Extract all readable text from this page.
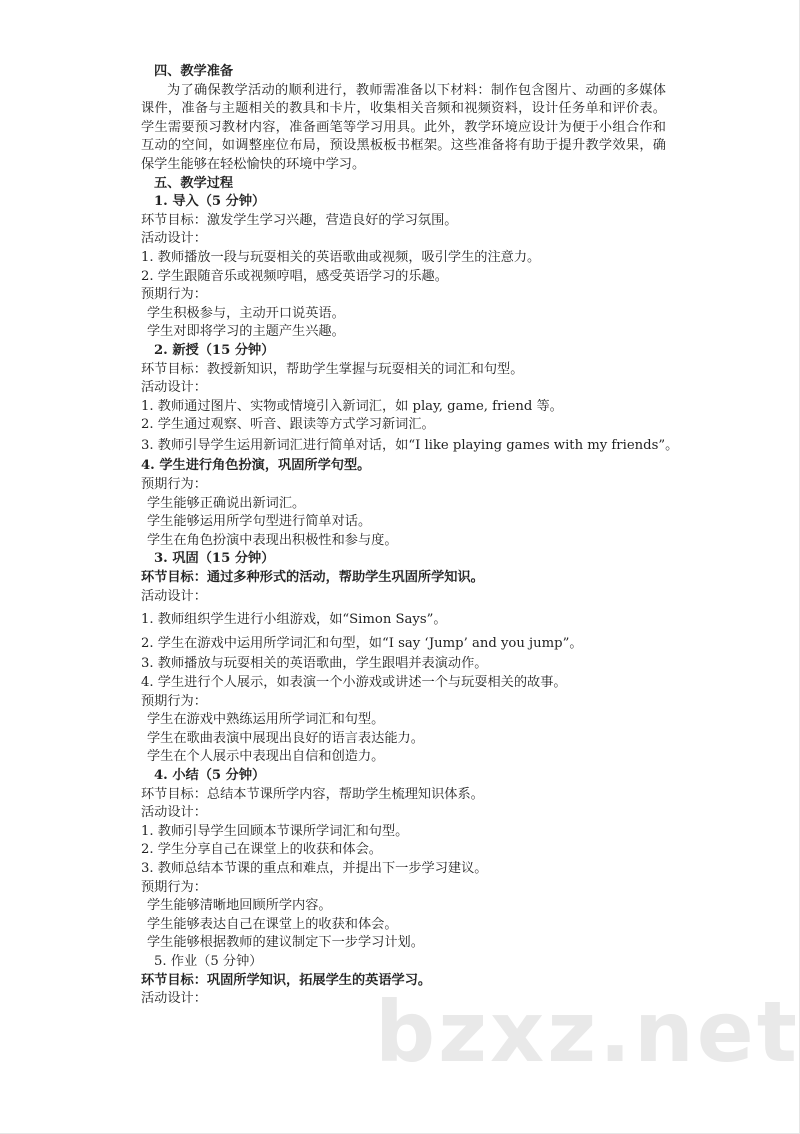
四、教学准备

为了确保教学活动的顺利进行，教师需准备以下材料：制作包含图片、动画的多媒体课件，准备与主题相关的教具和卡片，收集相关音频和视频资料，设计任务单和评价表。学生需要预习教材内容，准备画笔等学习用具。此外，教学环境应设计为便于小组合作和互动的空间，如调整座位布局，预设黑板板书框架。这些准备将有助于提升教学效果，确保学生能够在轻松愉快的环境中学习。

五、教学过程

1. 导入（5 分钟）

环节目标：激发学生学习兴趣，营造良好的学习氛围。

活动设计：

1. 教师播放一段与玩耍相关的英语歌曲或视频，吸引学生的注意力。

2. 学生跟随音乐或视频哼唱，感受英语学习的乐趣。

预期行为：

学生积极参与，主动开口说英语。

学生对即将学习的主题产生兴趣。

2. 新授（15 分钟）

环节目标：教授新知识，帮助学生掌握与玩耍相关的词汇和句型。

活动设计：

1. 教师通过图片、实物或情境引入新词汇，如 play, game, friend 等。

2. 学生通过观察、听音、跟读等方式学习新词汇。

3. 教师引导学生运用新词汇进行简单对话，如“I like playing games with my friends”。

4. 学生进行角色扮演，巩固所学句型。

预期行为：

学生能够正确说出新词汇。

学生能够运用所学句型进行简单对话。

学生在角色扮演中表现出积极性和参与度。

3. 巩固（15 分钟）

环节目标：通过多种形式的活动，帮助学生巩固所学知识。

活动设计：

1. 教师组织学生进行小组游戏，如“Simon Says”。

2. 学生在游戏中运用所学词汇和句型，如“I say ‘Jump’ and you jump”。

3. 教师播放与玩耍相关的英语歌曲，学生跟唱并表演动作。

4. 学生进行个人展示，如表演一个小游戏或讲述一个与玩耍相关的故事。

预期行为：

学生在游戏中熟练运用所学词汇和句型。

学生在歌曲表演中展现出良好的语言表达能力。

学生在个人展示中表现出自信和创造力。

4. 小结（5 分钟）

环节目标：总结本节课所学内容，帮助学生梳理知识体系。

活动设计：

1. 教师引导学生回顾本节课所学词汇和句型。

2. 学生分享自己在课堂上的收获和体会。

3. 教师总结本节课的重点和难点，并提出下一步学习建议。

预期行为：

学生能够清晰地回顾所学内容。

学生能够表达自己在课堂上的收获和体会。

学生能够根据教师的建议制定下一步学习计划。

5. 作业（5 分钟）

环节目标：巩固所学知识，拓展学生的英语学习。

活动设计：	bzxz.net
